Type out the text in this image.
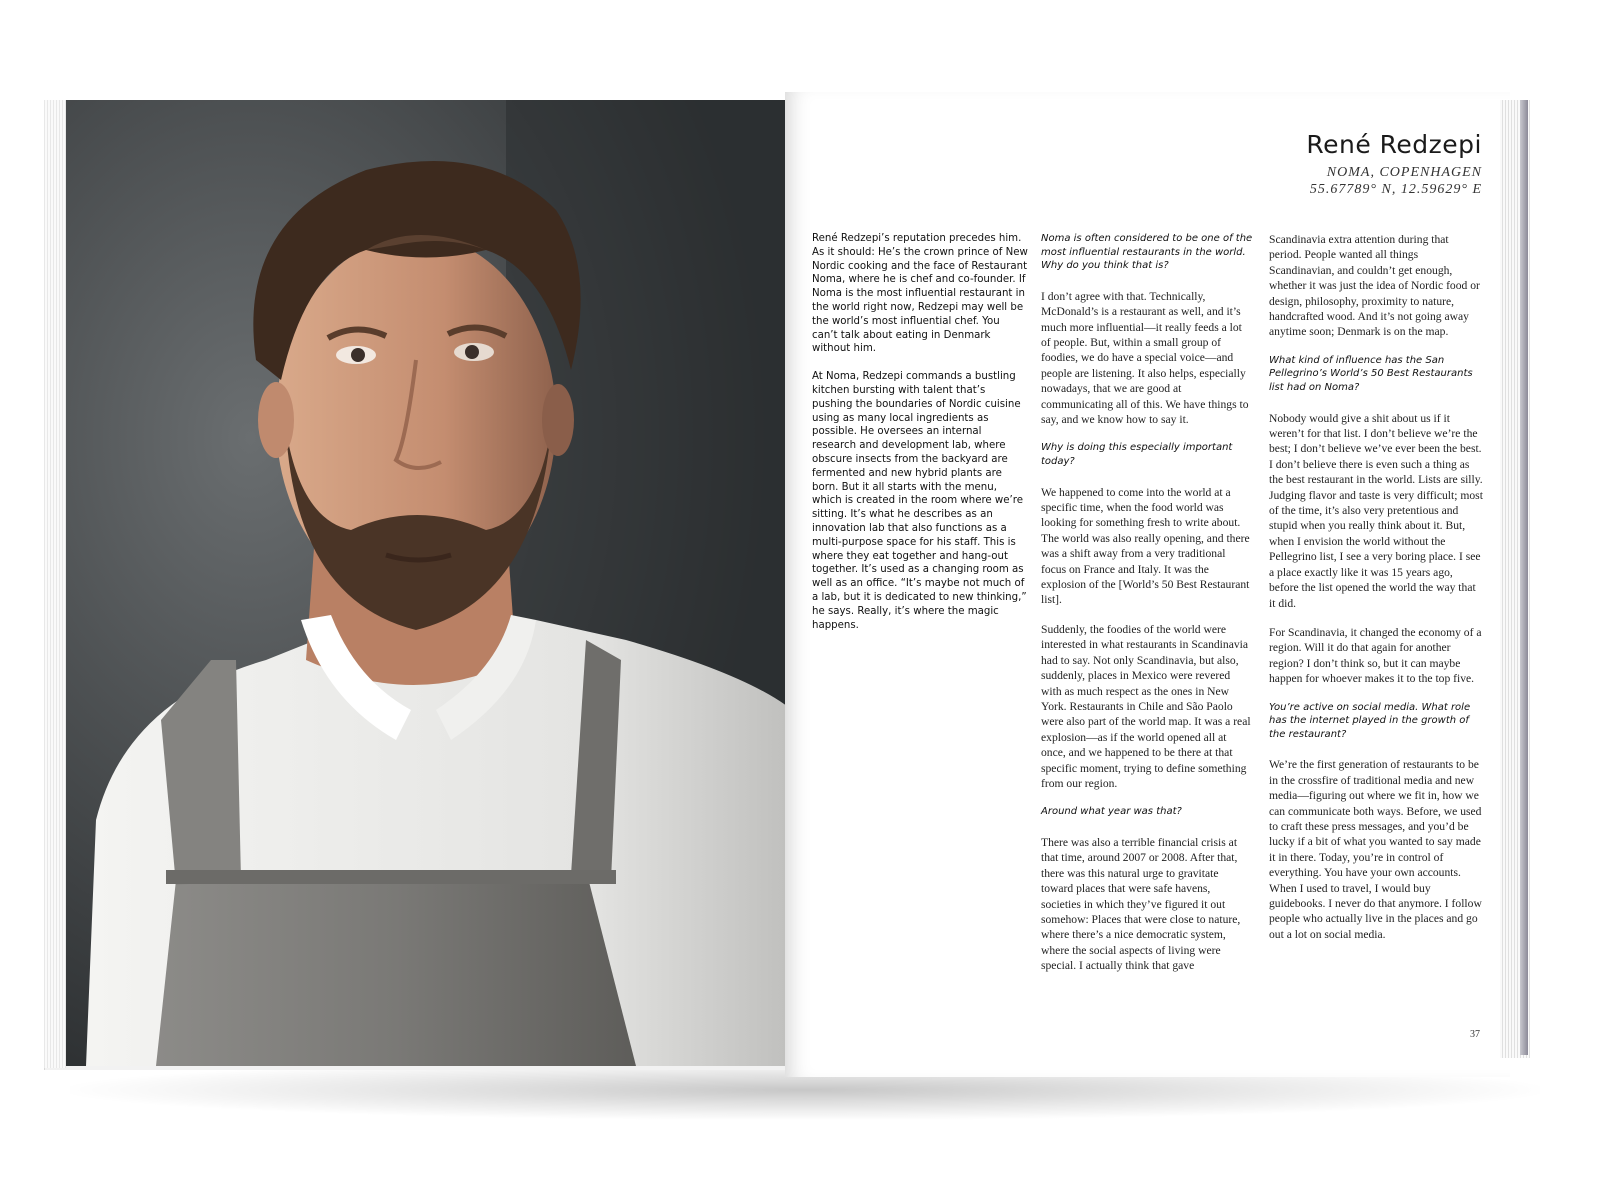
René Redzepi
NOMA, COPENHAGEN
55.67789° N, 12.59629° E

René Redzepi’s reputation precedes him. As it should: He’s the crown prince of New Nordic cooking and the face of Restaurant Noma, where he is chef and co-founder. If Noma is the most influential restaurant in the world right now, Redzepi may well be the world’s most influential chef. You can’t talk about eating in Denmark without him.

At Noma, Redzepi commands a bustling kitchen bursting with talent that’s pushing the boundaries of Nordic cuisine using as many local ingredients as possible. He oversees an internal research and development lab, where obscure insects from the backyard are fermented and new hybrid plants are born. But it all starts with the menu, which is created in the room where we’re sitting. It’s what he describes as an innovation lab that also functions as a multi-purpose space for his staff. This is where they eat together and hang-out together. It’s used as a changing room as well as an office. “It’s maybe not much of a lab, but it is dedicated to new thinking,” he says. Really, it’s where the magic happens.

Noma is often considered to be one of the most influential restaurants in the world. Why do you think that is?

I don’t agree with that. Technically, McDonald’s is a restaurant as well, and it’s much more influential—it really feeds a lot of people. But, within a small group of foodies, we do have a special voice—and people are listening. It also helps, especially nowadays, that we are good at communicating all of this. We have things to say, and we know how to say it.

Why is doing this especially important today?

We happened to come into the world at a specific time, when the food world was looking for something fresh to write about. The world was also really opening, and there was a shift away from a very traditional focus on France and Italy. It was the explosion of the [World’s 50 Best Restaurant list].

Suddenly, the foodies of the world were interested in what restaurants in Scandinavia had to say. Not only Scandinavia, but also, suddenly, places in Mexico were revered with as much respect as the ones in New York. Restaurants in Chile and São Paolo were also part of the world map. It was a real explosion—as if the world opened all at once, and we happened to be there at that specific moment, trying to define something from our region.

Around what year was that?

There was also a terrible financial crisis at that time, around 2007 or 2008. After that, there was this natural urge to gravitate toward places that were safe havens, societies in which they’ve figured it out somehow: Places that were close to nature, where there’s a nice democratic system, where the social aspects of living were special. I actually think that gave

Scandinavia extra attention during that period. People wanted all things Scandinavian, and couldn’t get enough, whether it was just the idea of Nordic food or design, philosophy, proximity to nature, handcrafted wood. And it’s not going away anytime soon; Denmark is on the map.

What kind of influence has the San Pellegrino’s World’s 50 Best Restaurants list had on Noma?

Nobody would give a shit about us if it weren’t for that list. I don’t believe we’re the best; I don’t believe we’ve ever been the best. I don’t believe there is even such a thing as the best restaurant in the world. Lists are silly. Judging flavor and taste is very difficult; most of the time, it’s also very pretentious and stupid when you really think about it. But, when I envision the world without the Pellegrino list, I see a very boring place. I see a place exactly like it was 15 years ago, before the list opened the world the way that it did.

For Scandinavia, it changed the economy of a region. Will it do that again for another region? I don’t think so, but it can maybe happen for whoever makes it to the top five.

You’re active on social media. What role has the internet played in the growth of the restaurant?

We’re the first generation of restaurants to be in the crossfire of traditional media and new media—figuring out where we fit in, how we can communicate both ways. Before, we used to craft these press messages, and you’d be lucky if a bit of what you wanted to say made it in there. Today, you’re in control of everything. You have your own accounts. When I used to travel, I would buy guidebooks. I never do that anymore. I follow people who actually live in the places and go out a lot on social media.

37
